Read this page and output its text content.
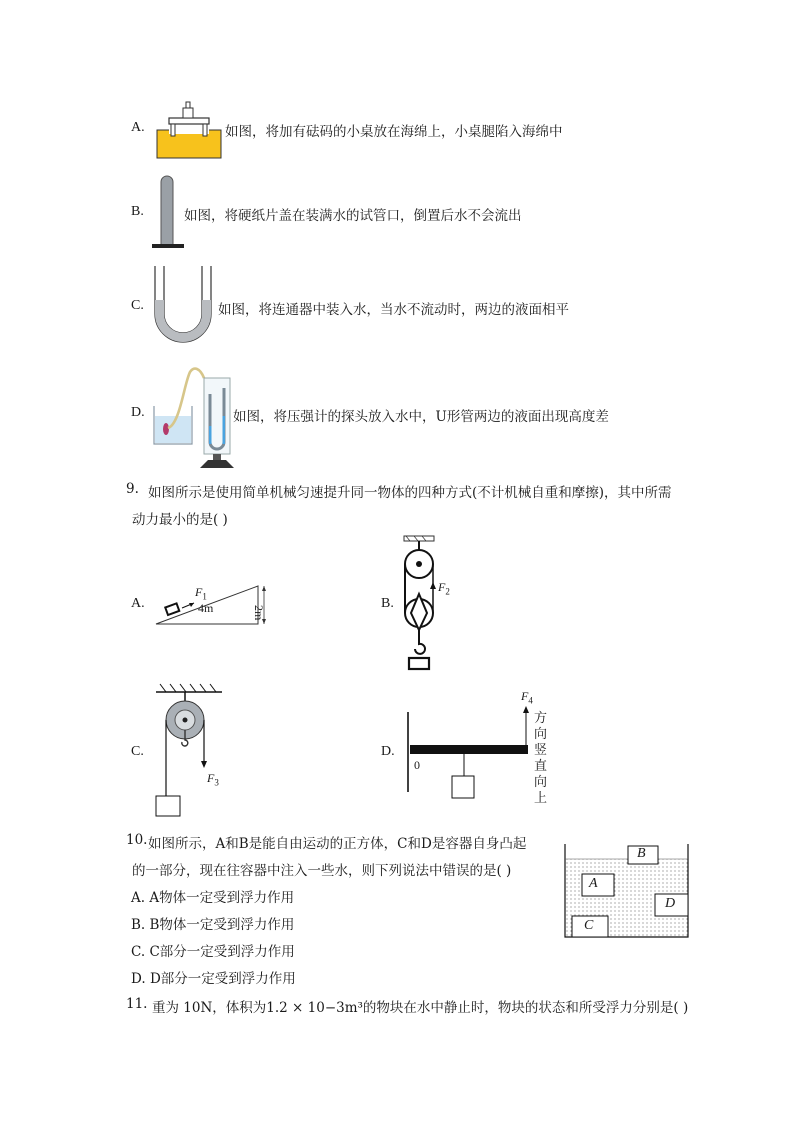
A.	如图，将加有砝码的小桌放在海绵上，小桌腿陷入海绵中
B.	如图，将硬纸片盖在装满水的试管口，倒置后水不会流出
C.	如图，将连通器中装入水，当水不流动时，两边的液面相平
D.	如图，将压强计的探头放入水中，U形管两边的液面出现高度差
9. 如图所示是使用简单机械匀速提升同一物体的四种方式(不计机械自重和摩擦)，其中所需
动力最小的是( )
A.
$F_1$
4m	2m
B.
$F_2$
C.
$F_3$
D.
$F_4$
0
方
向
竖
直
向
上
10. 如图所示，A和B是能自由运动的正方体，C和D是容器自身凸起
的一部分，现在往容器中注入一些水，则下列说法中错误的是( )
A. A物体一定受到浮力作用
B. B物体一定受到浮力作用
C. C部分一定受到浮力作用
D. D部分一定受到浮力作用
B
A
D
C
11. 重为 10N，体积为1.2 × 10−3m³的物块在水中静止时，物块的状态和所受浮力分别是( )
